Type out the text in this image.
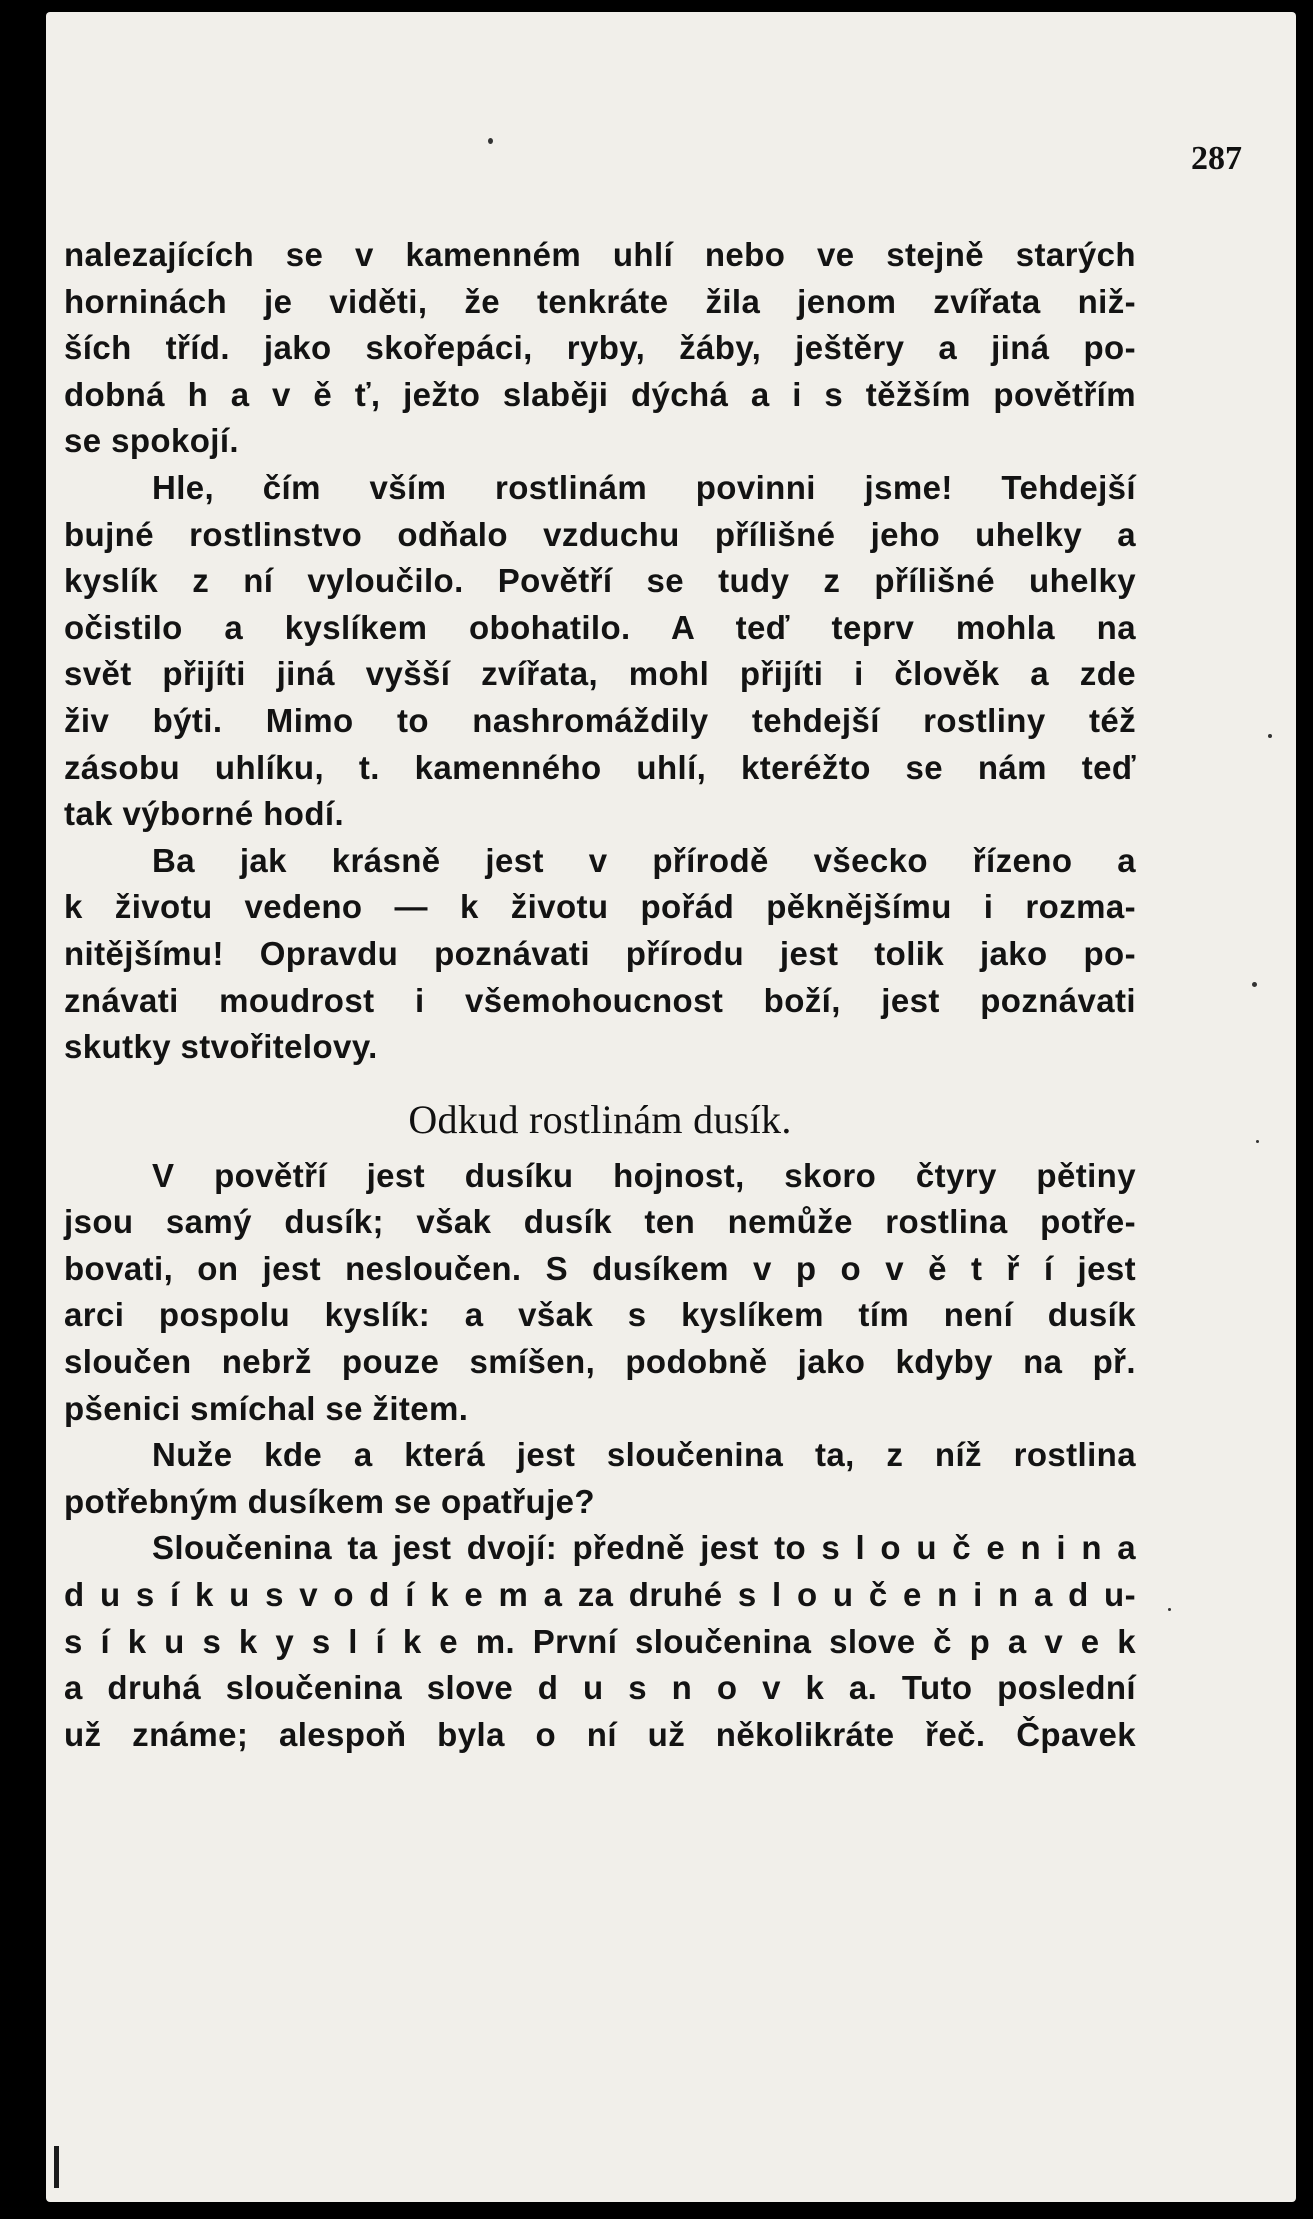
287
nalezajících se v kamenném uhlí nebo ve stejně starých
horninách je viděti, že tenkráte žila jenom zvířata niž-
ších tříd. jako skořepáci, ryby, žáby, ještěry a jiná po-
dobná h a v ě ť, ježto slaběji dýchá a i s těžším povětřím
se spokojí.
Hle, čím vším rostlinám povinni jsme! Tehdejší
bujné rostlinstvo odňalo vzduchu přílišné jeho uhelky a
kyslík z ní vyloučilo. Povětří se tudy z přílišné uhelky
očistilo a kyslíkem obohatilo. A teď teprv mohla na
svět přijíti jiná vyšší zvířata, mohl přijíti i člověk a zde
živ býti. Mimo to nashromáždily tehdejší rostliny též
zásobu uhlíku, t. kamenného uhlí, kteréžto se nám teď
tak výborné hodí.
Ba jak krásně jest v přírodě všecko řízeno a
k životu vedeno — k životu pořád pěknějšímu i rozma-
nitějšímu! Opravdu poznávati přírodu jest tolik jako po-
znávati moudrost i všemohoucnost boží, jest poznávati
skutky stvořitelovy.
Odkud rostlinám dusík.
V povětří jest dusíku hojnost, skoro čtyry pětiny
jsou samý dusík; však dusík ten nemůže rostlina potře-
bovati, on jest nesloučen. S dusíkem v p o v ě t ř í jest
arci pospolu kyslík: a však s kyslíkem tím není dusík
sloučen nebrž pouze smíšen, podobně jako kdyby na př.
pšenici smíchal se žitem.
Nuže kde a která jest sloučenina ta, z níž rostlina
potřebným dusíkem se opatřuje?
Sloučenina ta jest dvojí: předně jest to s l o u č e n i n a
d u s í k u s v o d í k e m a za druhé s l o u č e n i n a d u-
s í k u s k y s l í k e m. První sloučenina slove č p a v e k
a druhá sloučenina slove d u s n o v k a. Tuto poslední
už známe; alespoň byla o ní už několikráte řeč. Čpavek
